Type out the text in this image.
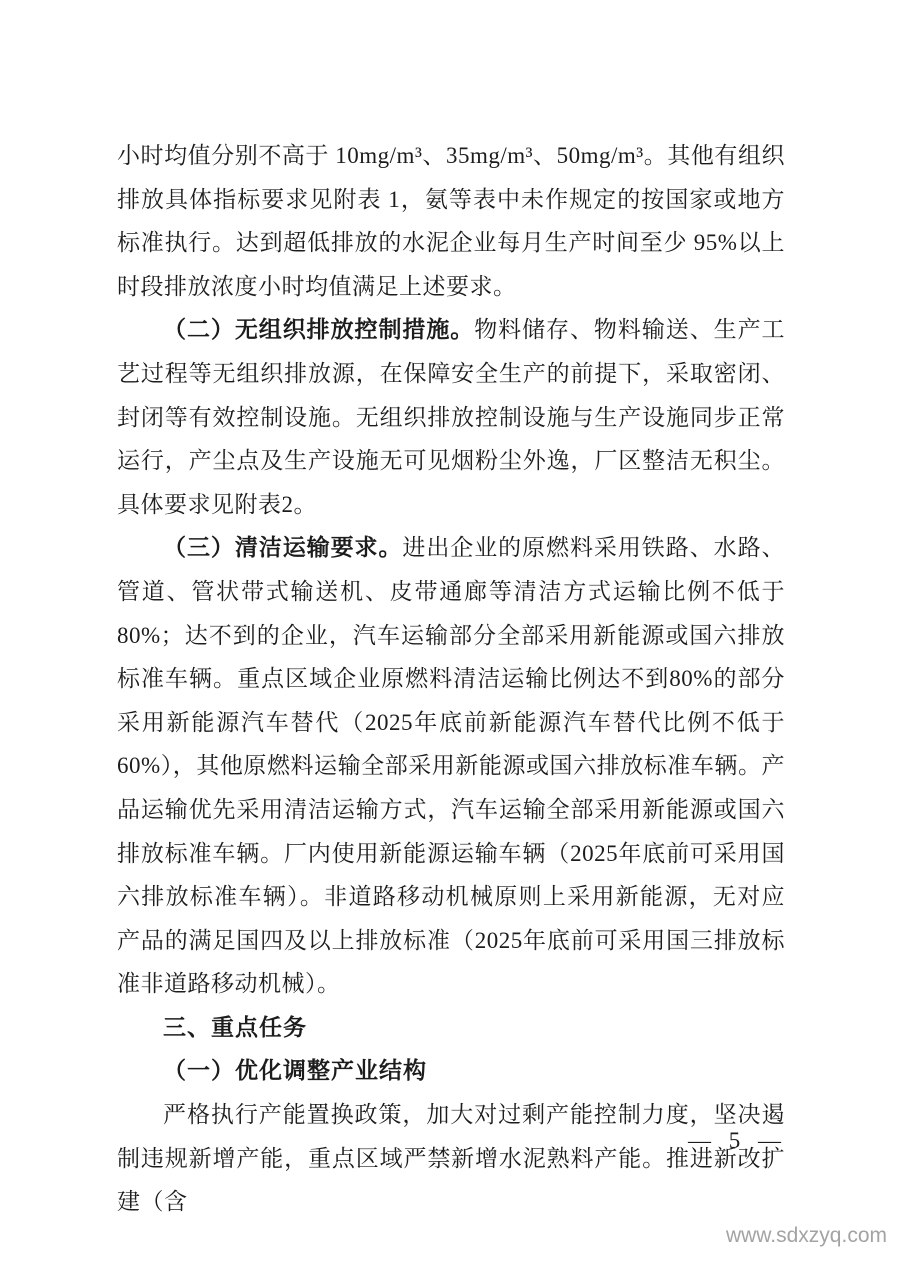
小时均值分别不高于 10mg/m³、35mg/m³、50mg/m³。其他有组织排放具体指标要求见附表 1，氨等表中未作规定的按国家或地方标准执行。达到超低排放的水泥企业每月生产时间至少 95%以上时段排放浓度小时均值满足上述要求。

（二）无组织排放控制措施。物料储存、物料输送、生产工艺过程等无组织排放源，在保障安全生产的前提下，采取密闭、封闭等有效控制设施。无组织排放控制设施与生产设施同步正常运行，产尘点及生产设施无可见烟粉尘外逸，厂区整洁无积尘。具体要求见附表2。

（三）清洁运输要求。进出企业的原燃料采用铁路、水路、管道、管状带式输送机、皮带通廊等清洁方式运输比例不低于80%；达不到的企业，汽车运输部分全部采用新能源或国六排放标准车辆。重点区域企业原燃料清洁运输比例达不到80%的部分采用新能源汽车替代（2025年底前新能源汽车替代比例不低于60%），其他原燃料运输全部采用新能源或国六排放标准车辆。产品运输优先采用清洁运输方式，汽车运输全部采用新能源或国六排放标准车辆。厂内使用新能源运输车辆（2025年底前可采用国六排放标准车辆）。非道路移动机械原则上采用新能源，无对应产品的满足国四及以上排放标准（2025年底前可采用国三排放标准非道路移动机械）。

三、重点任务
（一）优化调整产业结构

严格执行产能置换政策，加大对过剩产能控制力度，坚决遏制违规新增产能，重点区域严禁新增水泥熟料产能。推进新改扩建（含

— 5 —
www.sdxzyq.com
